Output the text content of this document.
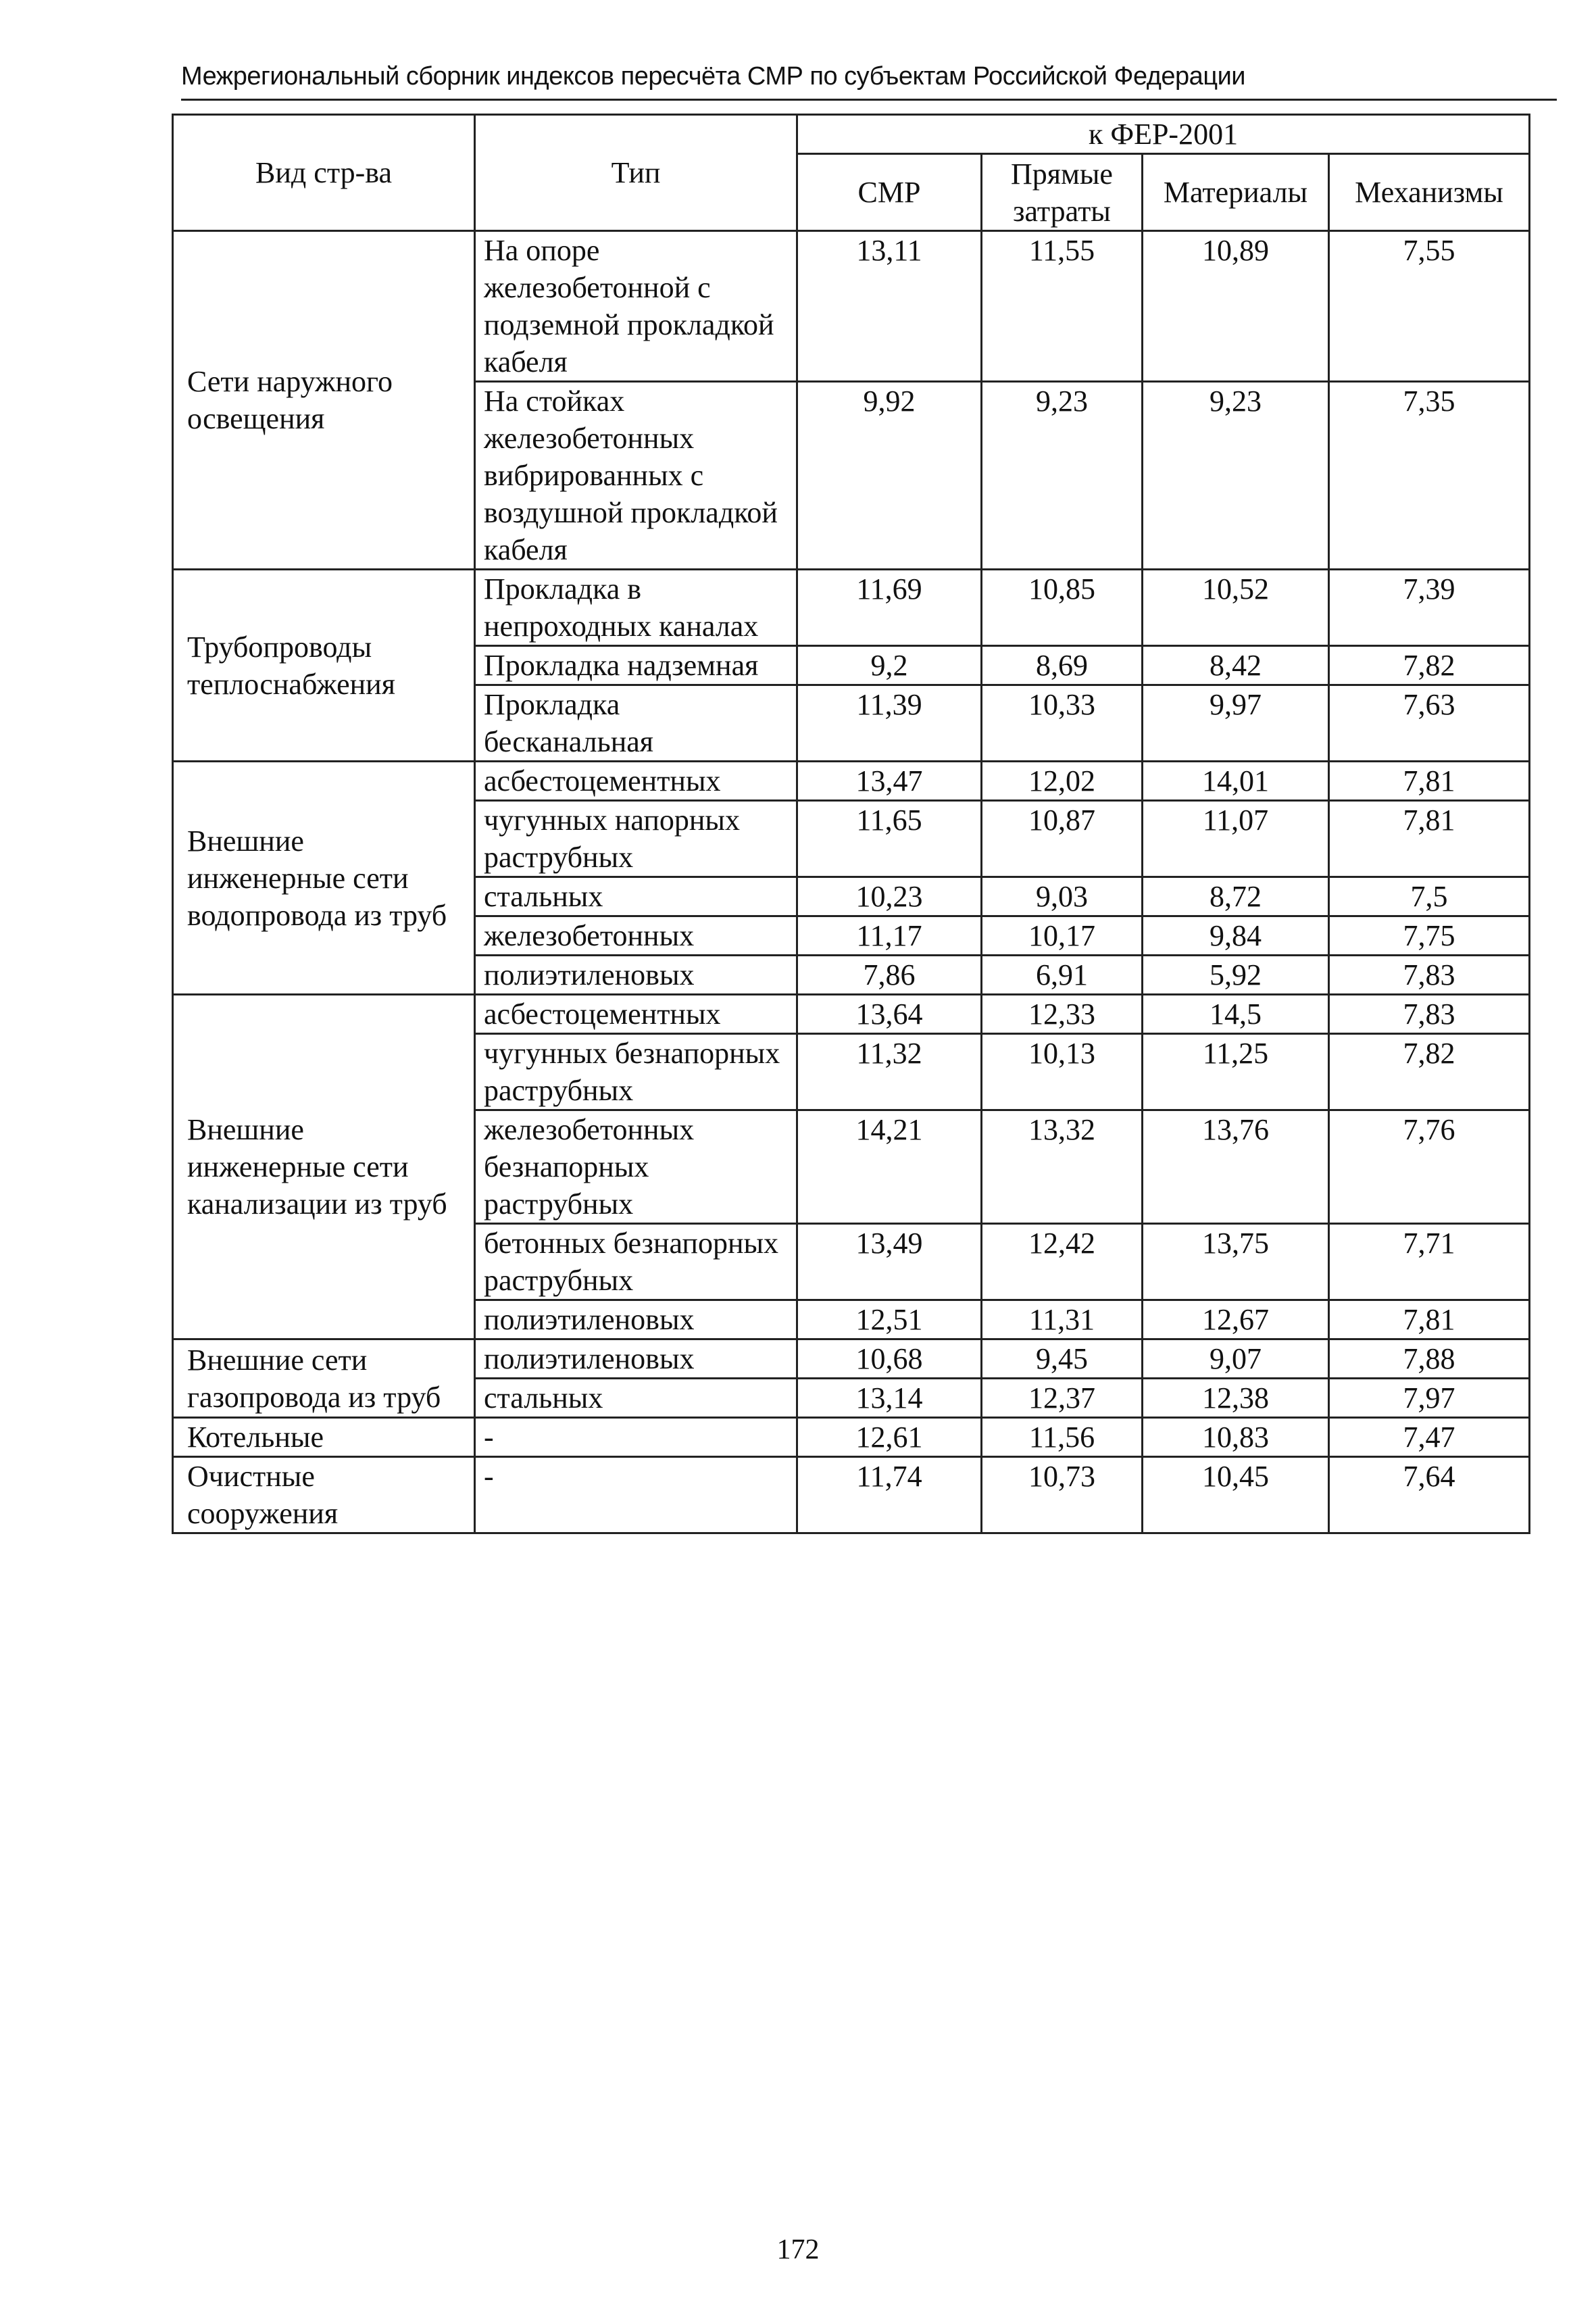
Межрегиональный сборник индексов пересчёта СМР по субъектам Российской Федерации
Вид стр-ва	Тип	к ФЕР-2001			
		СМР	Прямые затраты	Материалы	Механизмы
Сети наружного освещения	На опоре железобетонной с подземной прокладкой кабеля	13,11	11,55	10,89	7,55
	На стойках железобетонных вибрированных с воздушной прокладкой кабеля	9,92	9,23	9,23	7,35
Трубопроводы теплоснабжения	Прокладка в непроходных каналах	11,69	10,85	10,52	7,39
	Прокладка надземная	9,2	8,69	8,42	7,82
	Прокладка бесканальная	11,39	10,33	9,97	7,63
Внешние инженерные сети водопровода из труб	асбестоцементных	13,47	12,02	14,01	7,81
	чугунных напорных раструбных	11,65	10,87	11,07	7,81
	стальных	10,23	9,03	8,72	7,5
	железобетонных	11,17	10,17	9,84	7,75
	полиэтиленовых	7,86	6,91	5,92	7,83
Внешние инженерные сети канализации из труб	асбестоцементных	13,64	12,33	14,5	7,83
	чугунных безнапорных раструбных	11,32	10,13	11,25	7,82
	железобетонных безнапорных раструбных	14,21	13,32	13,76	7,76
	бетонных безнапорных раструбных	13,49	12,42	13,75	7,71
	полиэтиленовых	12,51	11,31	12,67	7,81
Внешние сети газопровода из труб	полиэтиленовых	10,68	9,45	9,07	7,88
	стальных	13,14	12,37	12,38	7,97
Котельные	-	12,61	11,56	10,83	7,47
Очистные сооружения	-	11,74	10,73	10,45	7,64
172
